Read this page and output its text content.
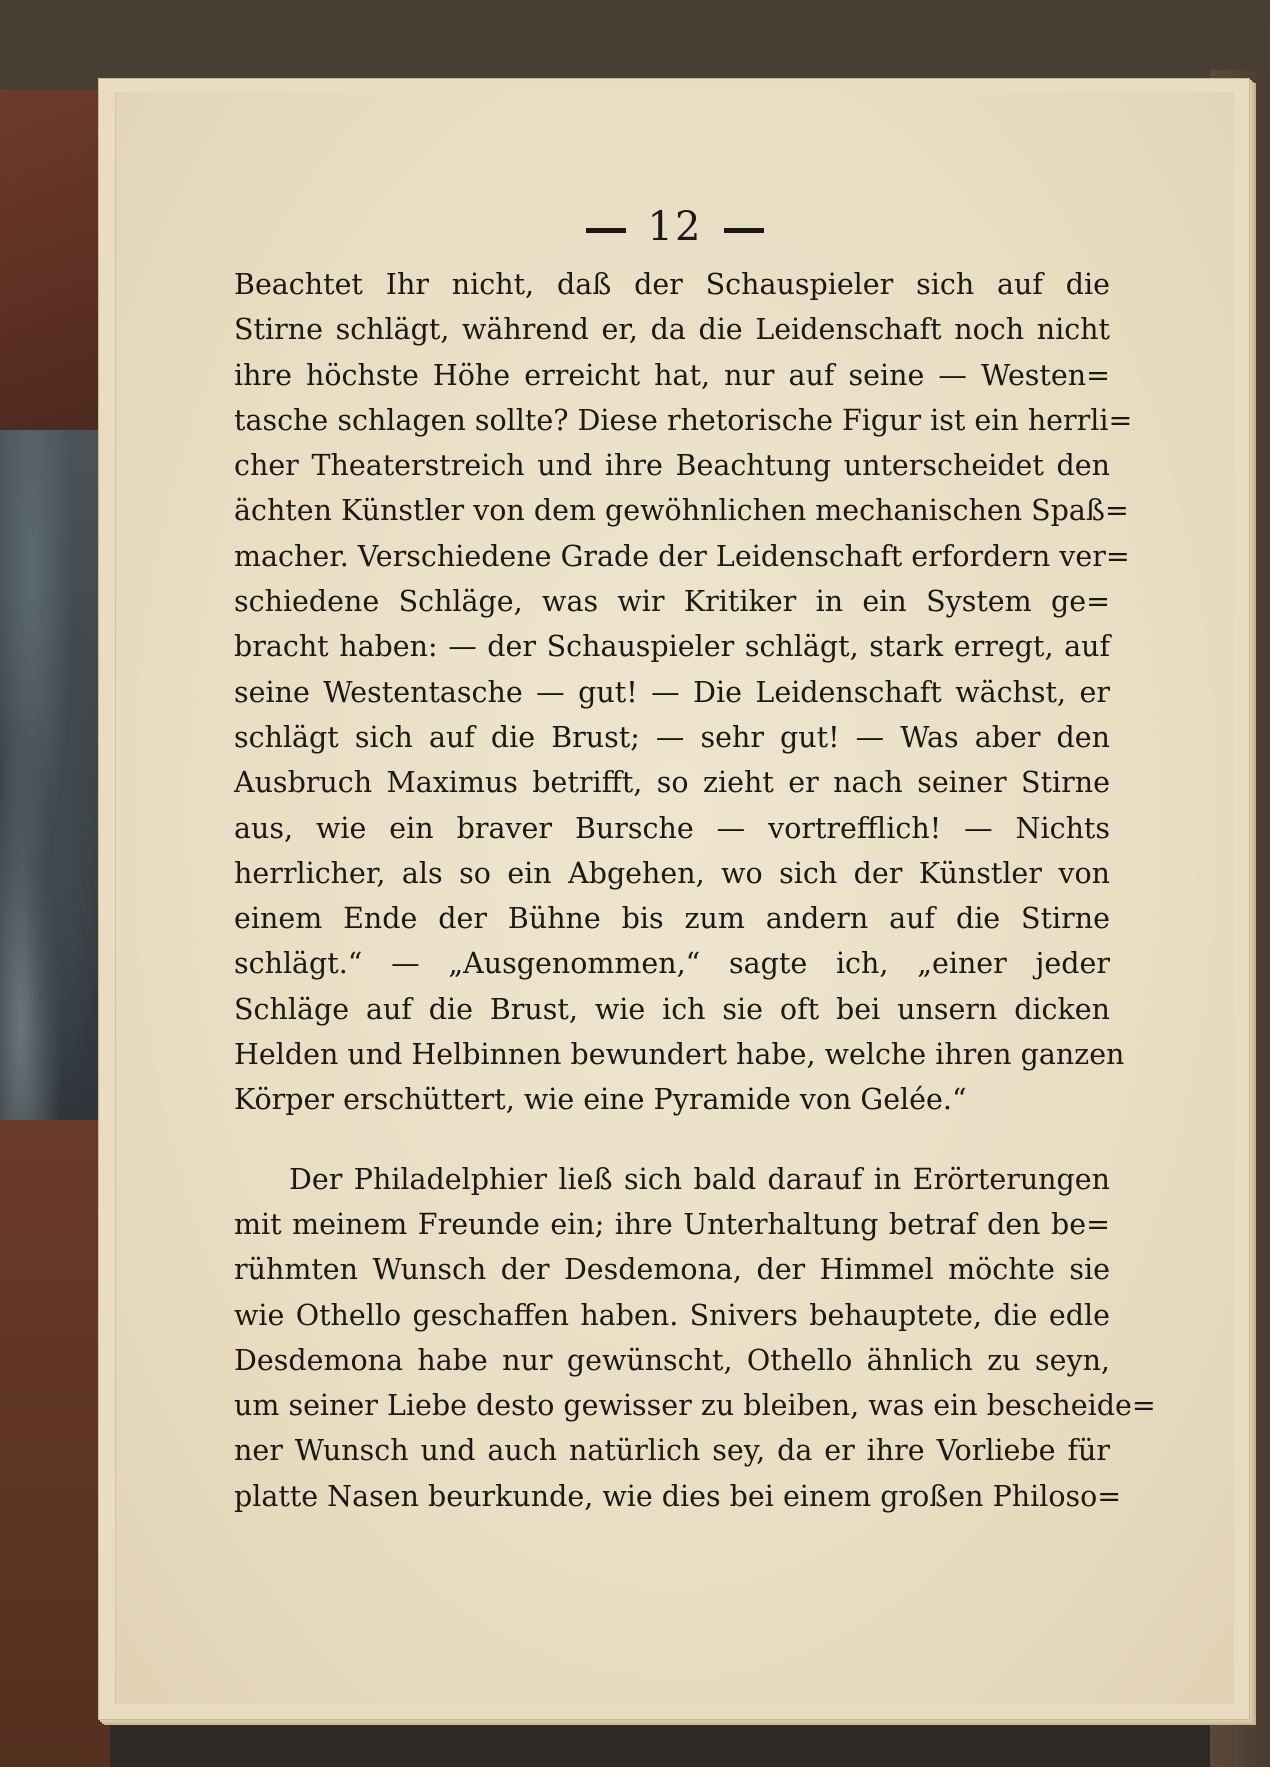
12
Beachtet Ihr nicht, daß der Schauspieler sich auf die
Stirne schlägt, während er, da die Leidenschaft noch nicht
ihre höchste Höhe erreicht hat, nur auf seine — Westen=
tasche schlagen sollte? Diese rhetorische Figur ist ein herrli=
cher Theaterstreich und ihre Beachtung unterscheidet den
ächten Künstler von dem gewöhnlichen mechanischen Spaß=
macher. Verschiedene Grade der Leidenschaft erfordern ver=
schiedene Schläge, was wir Kritiker in ein System ge=
bracht haben: — der Schauspieler schlägt, stark erregt, auf
seine Westentasche — gut! — Die Leidenschaft wächst, er
schlägt sich auf die Brust; — sehr gut! — Was aber den
Ausbruch Maximus betrifft, so zieht er nach seiner Stirne
aus, wie ein braver Bursche — vortrefflich! — Nichts
herrlicher, als so ein Abgehen, wo sich der Künstler von
einem Ende der Bühne bis zum andern auf die Stirne
schlägt.“ — „Ausgenommen,“ sagte ich, „einer jeder
Schläge auf die Brust, wie ich sie oft bei unsern dicken
Helden und Helbinnen bewundert habe, welche ihren ganzen
Körper erschüttert, wie eine Pyramide von Gelée.“
Der Philadelphier ließ sich bald darauf in Erörterungen
mit meinem Freunde ein; ihre Unterhaltung betraf den be=
rühmten Wunsch der Desdemona, der Himmel möchte sie
wie Othello geschaffen haben. Snivers behauptete, die edle
Desdemona habe nur gewünscht, Othello ähnlich zu seyn,
um seiner Liebe desto gewisser zu bleiben, was ein bescheide=
ner Wunsch und auch natürlich sey, da er ihre Vorliebe für
platte Nasen beurkunde, wie dies bei einem großen Philoso=
